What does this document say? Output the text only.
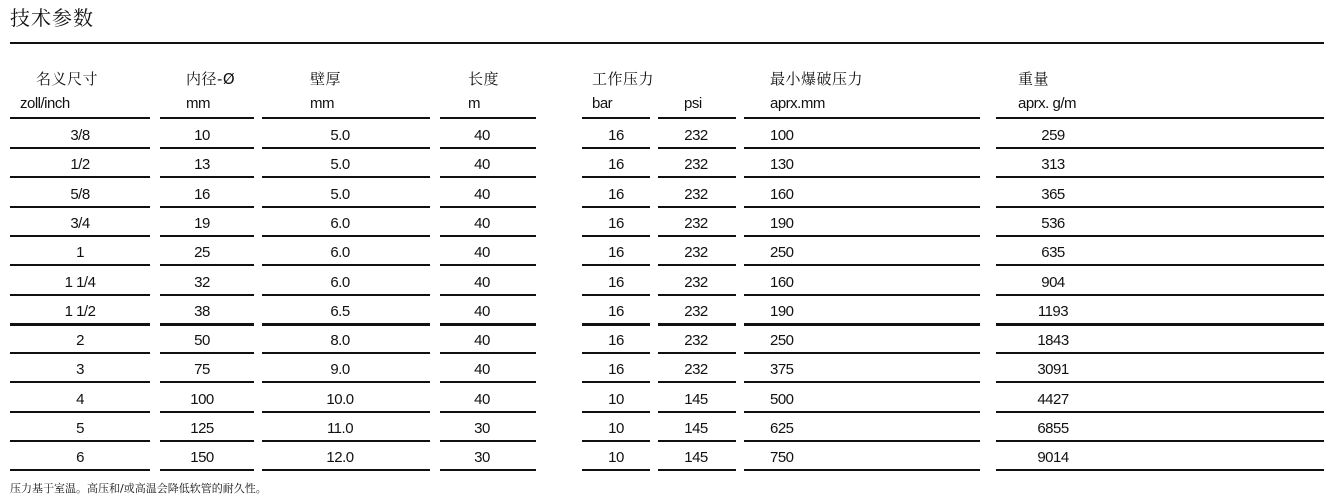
技术参数
名义尺寸	内径-Ø	壁厚	长度	工作压力	最小爆破压力	重量
zoll/inch	mm	mm	m	bar	psi	aprx.mm	aprx. g/m
3/8	10	5.0	40	16	232	100	259
1/2	13	5.0	40	16	232	130	313
5/8	16	5.0	40	16	232	160	365
3/4	19	6.0	40	16	232	190	536
1	25	6.0	40	16	232	250	635
1 1/4	32	6.0	40	16	232	160	904
1 1/2	38	6.5	40	16	232	190	1193
2	50	8.0	40	16	232	250	1843
3	75	9.0	40	16	232	375	3091
4	100	10.0	40	10	145	500	4427
5	125	11.0	30	10	145	625	6855
6	150	12.0	30	10	145	750	9014
压力基于室温。高压和/或高温会降低软管的耐久性。
